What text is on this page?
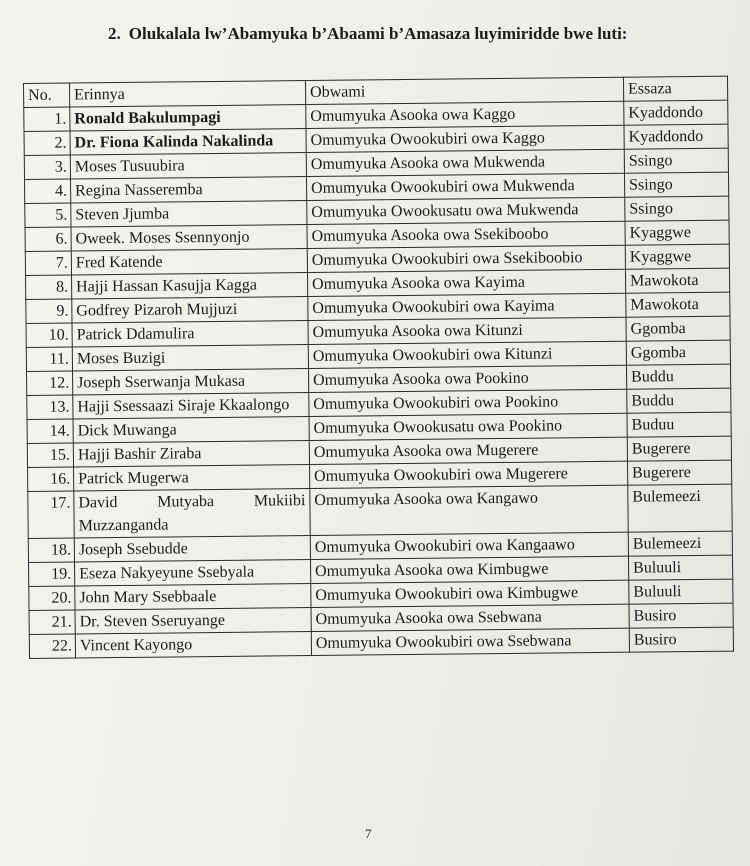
2. Olukalala lw’Abamyuka b’Abaami b’Amasaza luyimiridde bwe luti:
No.	Erinnya	Obwami	Essaza
1.	Ronald Bakulumpagi	Omumyuka Asooka owa Kaggo	Kyaddondo
2.	Dr. Fiona Kalinda Nakalinda	Omumyuka Owookubiri owa Kaggo	Kyaddondo
3.	Moses Tusuubira	Omumyuka Asooka owa Mukwenda	Ssingo
4.	Regina Nasseremba	Omumyuka Owookubiri owa Mukwenda	Ssingo
5.	Steven Jjumba	Omumyuka Owookusatu owa Mukwenda	Ssingo
6.	Oweek. Moses Ssennyonjo	Omumyuka Asooka owa Ssekiboobo	Kyaggwe
7.	Fred Katende	Omumyuka Owookubiri owa Ssekiboobio	Kyaggwe
8.	Hajji Hassan Kasujja Kagga	Omumyuka Asooka owa Kayima	Mawokota
9.	Godfrey Pizaroh Mujjuzi	Omumyuka Owookubiri owa Kayima	Mawokota
10.	Patrick Ddamulira	Omumyuka Asooka owa Kitunzi	Ggomba
11.	Moses Buzigi	Omumyuka Owookubiri owa Kitunzi	Ggomba
12.	Joseph Sserwanja Mukasa	Omumyuka Asooka owa Pookino	Buddu
13.	Hajji Ssessaazi Siraje Kkaalongo	Omumyuka Owookubiri owa Pookino	Buddu
14.	Dick Muwanga	Omumyuka Owookusatu owa Pookino	Buduu
15.	Hajji Bashir Ziraba	Omumyuka Asooka owa Mugerere	Bugerere
16.	Patrick Mugerwa	Omumyuka Owookubiri owa Mugerere	Bugerere
17.	David Mutyaba Mukiibi Muzzanganda	Omumyuka Asooka owa Kangawo	Bulemeezi
18.	Joseph Ssebudde	Omumyuka Owookubiri owa Kangaawo	Bulemeezi
19.	Eseza Nakyeyune Ssebyala	Omumyuka Asooka owa Kimbugwe	Buluuli
20.	John Mary Ssebbaale	Omumyuka Owookubiri owa Kimbugwe	Buluuli
21.	Dr. Steven Sseruyange	Omumyuka Asooka owa Ssebwana	Busiro
22.	Vincent Kayongo	Omumyuka Owookubiri owa Ssebwana	Busiro
7
